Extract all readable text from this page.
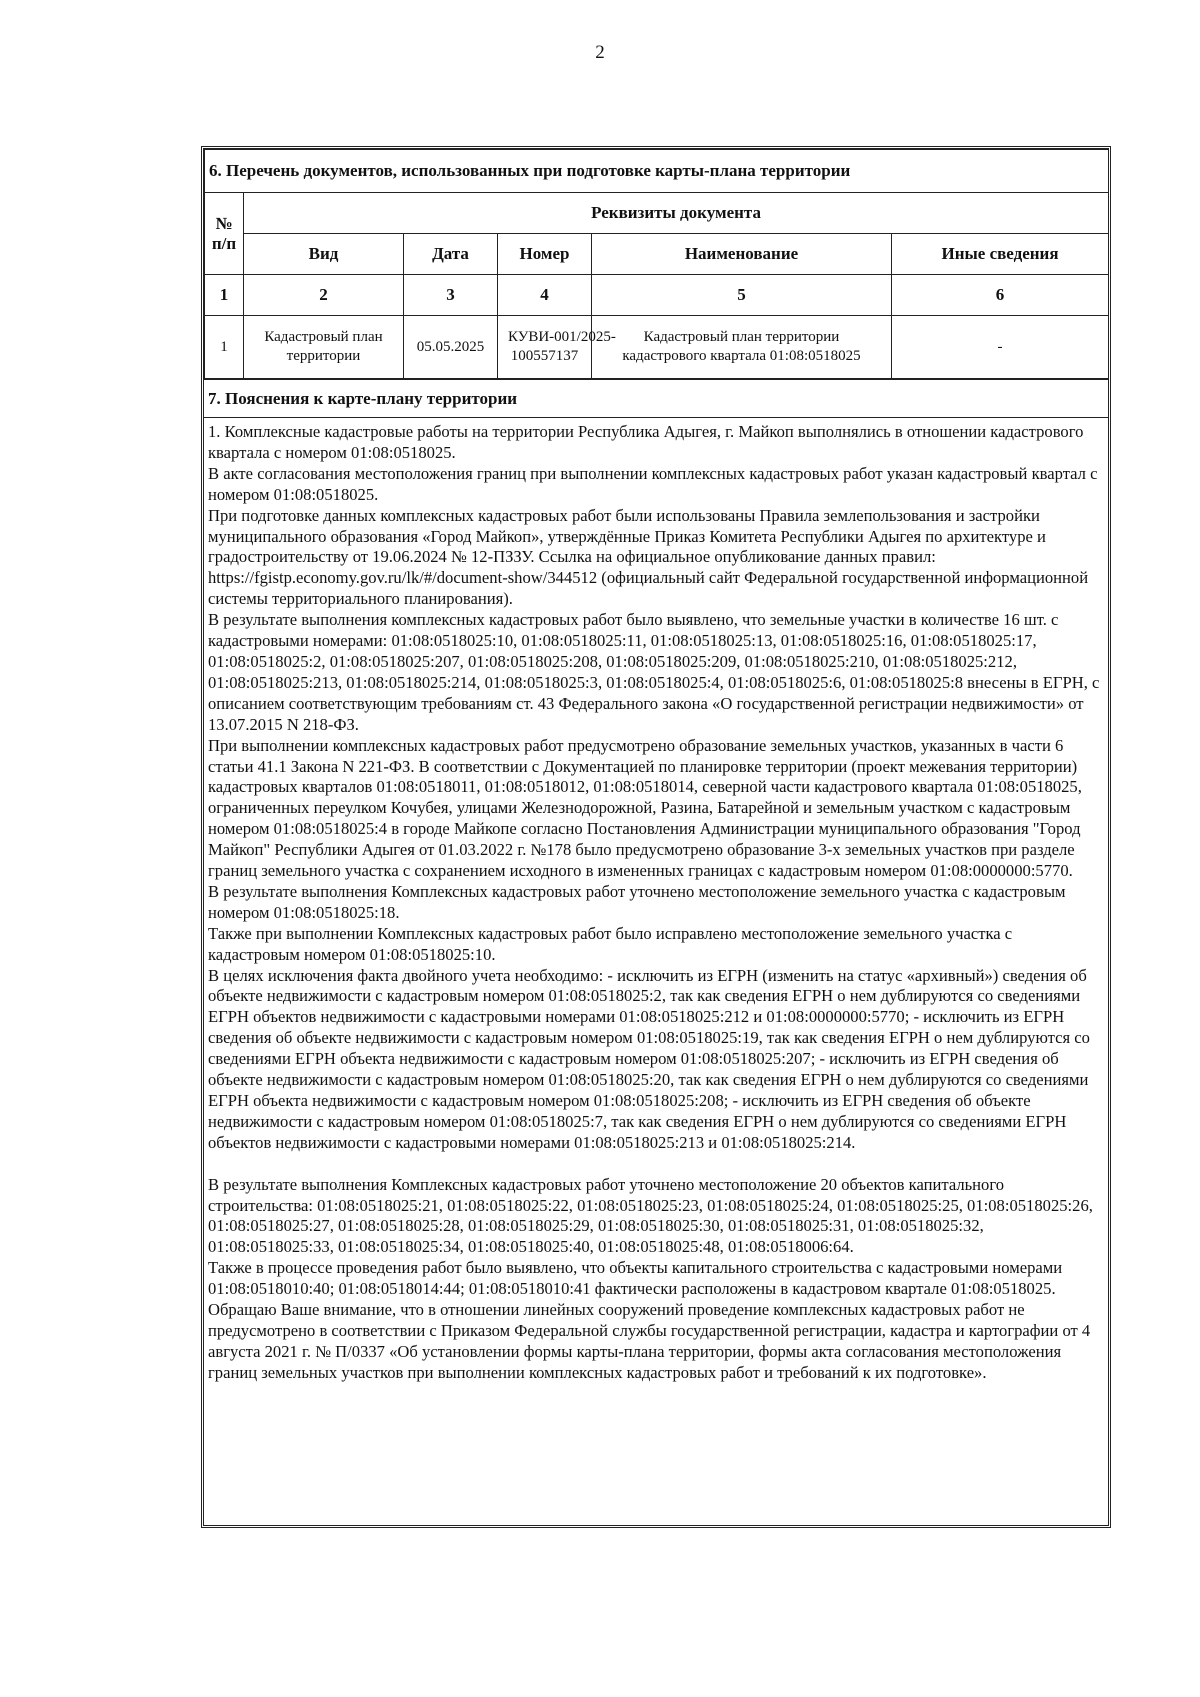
2
6. Перечень документов, использованных при подготовке карты-плана территории					
№
п/п	Реквизиты документа				
	Вид	Дата	Номер	Наименование	Иные сведения
1	2	3	4	5	6
1	Кадастровый план территории	05.05.2025	КУВИ-001/2025-100557137	Кадастровый план территории кадастрового квартала 01:08:0518025	-
7. Пояснения к карте-плану территории

1. Комплексные кадастровые работы на территории Республика Адыгея, г. Майкоп выполнялись в отношении кадастрового квартала с номером 01:08:0518025.

В акте согласования местоположения границ при выполнении комплексных кадастровых работ указан кадастровый квартал с номером 01:08:0518025.

При подготовке данных комплексных кадастровых работ были использованы Правила землепользования и застройки муниципального образования «Город Майкоп», утверждённые Приказ Комитета Республики Адыгея по архитектуре и градостроительству от 19.06.2024 № 12-ПЗЗУ. Ссылка на официальное опубликование данных правил: https://fgistp.economy.gov.ru/lk/#/document-show/344512 (официальный сайт Федеральной государственной информационной системы территориального планирования).

В результате выполнения комплексных кадастровых работ было выявлено, что земельные участки в количестве 16 шт. с кадастровыми номерами: 01:08:0518025:10, 01:08:0518025:11, 01:08:0518025:13, 01:08:0518025:16, 01:08:0518025:17, 01:08:0518025:2, 01:08:0518025:207, 01:08:0518025:208, 01:08:0518025:209, 01:08:0518025:210, 01:08:0518025:212, 01:08:0518025:213, 01:08:0518025:214, 01:08:0518025:3, 01:08:0518025:4, 01:08:0518025:6, 01:08:0518025:8 внесены в ЕГРН, с описанием соответствующим требованиям ст. 43 Федерального закона «О государственной регистрации недвижимости» от 13.07.2015 N 218-ФЗ.

При выполнении комплексных кадастровых работ предусмотрено образование земельных участков, указанных в части 6 статьи 41.1 Закона N 221-ФЗ. В соответствии с Документацией по планировке территории (проект межевания территории) кадастровых кварталов 01:08:0518011, 01:08:0518012, 01:08:0518014, северной части кадастрового квартала 01:08:0518025, ограниченных переулком Кочубея, улицами Железнодорожной, Разина, Батарейной и земельным участком с кадастровым номером 01:08:0518025:4 в городе Майкопе согласно Постановления Администрации муниципального образования "Город Майкоп" Республики Адыгея от 01.03.2022 г. №178 было предусмотрено образование 3-х земельных участков при разделе границ земельного участка с сохранением исходного в измененных границах с кадастровым номером 01:08:0000000:5770.

В результате выполнения Комплексных кадастровых работ уточнено местоположение земельного участка с кадастровым номером 01:08:0518025:18.

Также при выполнении Комплексных кадастровых работ было исправлено местоположение земельного участка с кадастровым номером 01:08:0518025:10.

В целях исключения факта двойного учета необходимо: - исключить из ЕГРН (изменить на статус «архивный») сведения об объекте недвижимости с кадастровым номером 01:08:0518025:2, так как сведения ЕГРН о нем дублируются со сведениями ЕГРН объектов недвижимости с кадастровыми номерами 01:08:0518025:212 и 01:08:0000000:5770; - исключить из ЕГРН сведения об объекте недвижимости с кадастровым номером 01:08:0518025:19, так как сведения ЕГРН о нем дублируются со сведениями ЕГРН объекта недвижимости с кадастровым номером 01:08:0518025:207; - исключить из ЕГРН сведения об объекте недвижимости с кадастровым номером 01:08:0518025:20, так как сведения ЕГРН о нем дублируются со сведениями ЕГРН объекта недвижимости с кадастровым номером 01:08:0518025:208; - исключить из ЕГРН сведения об объекте недвижимости с кадастровым номером 01:08:0518025:7, так как сведения ЕГРН о нем дублируются со сведениями ЕГРН объектов недвижимости с кадастровыми номерами 01:08:0518025:213 и 01:08:0518025:214.

В результате выполнения Комплексных кадастровых работ уточнено местоположение 20 объектов капитального строительства: 01:08:0518025:21, 01:08:0518025:22, 01:08:0518025:23, 01:08:0518025:24, 01:08:0518025:25, 01:08:0518025:26, 01:08:0518025:27, 01:08:0518025:28, 01:08:0518025:29, 01:08:0518025:30, 01:08:0518025:31, 01:08:0518025:32, 01:08:0518025:33, 01:08:0518025:34, 01:08:0518025:40, 01:08:0518025:48, 01:08:0518006:64.

Также в процессе проведения работ было выявлено, что объекты капитального строительства с кадастровыми номерами 01:08:0518010:40; 01:08:0518014:44; 01:08:0518010:41 фактически расположены в кадастровом квартале 01:08:0518025.

Обращаю Ваше внимание, что в отношении линейных сооружений проведение комплексных кадастровых работ не предусмотрено в соответствии с Приказом Федеральной службы государственной регистрации, кадастра и картографии от 4 августа 2021 г. № П/0337 «Об установлении формы карты-плана территории, формы акта согласования местоположения границ земельных участков при выполнении комплексных кадастровых работ и требований к их подготовке».
